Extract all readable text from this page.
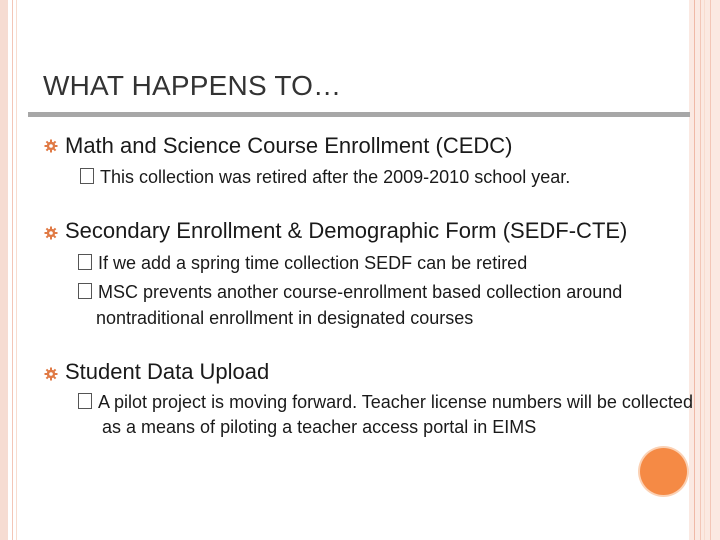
WHAT HAPPENS TO…
Math and Science Course Enrollment (CEDC)
This collection was retired after the 2009-2010 school year.
Secondary Enrollment & Demographic Form (SEDF-CTE)
If we add a spring time collection SEDF can be retired
MSC prevents another course-enrollment based collection around nontraditional enrollment in designated courses
Student Data Upload
A pilot project is moving forward. Teacher license numbers will be collected as a means of piloting a teacher access portal in EIMS
